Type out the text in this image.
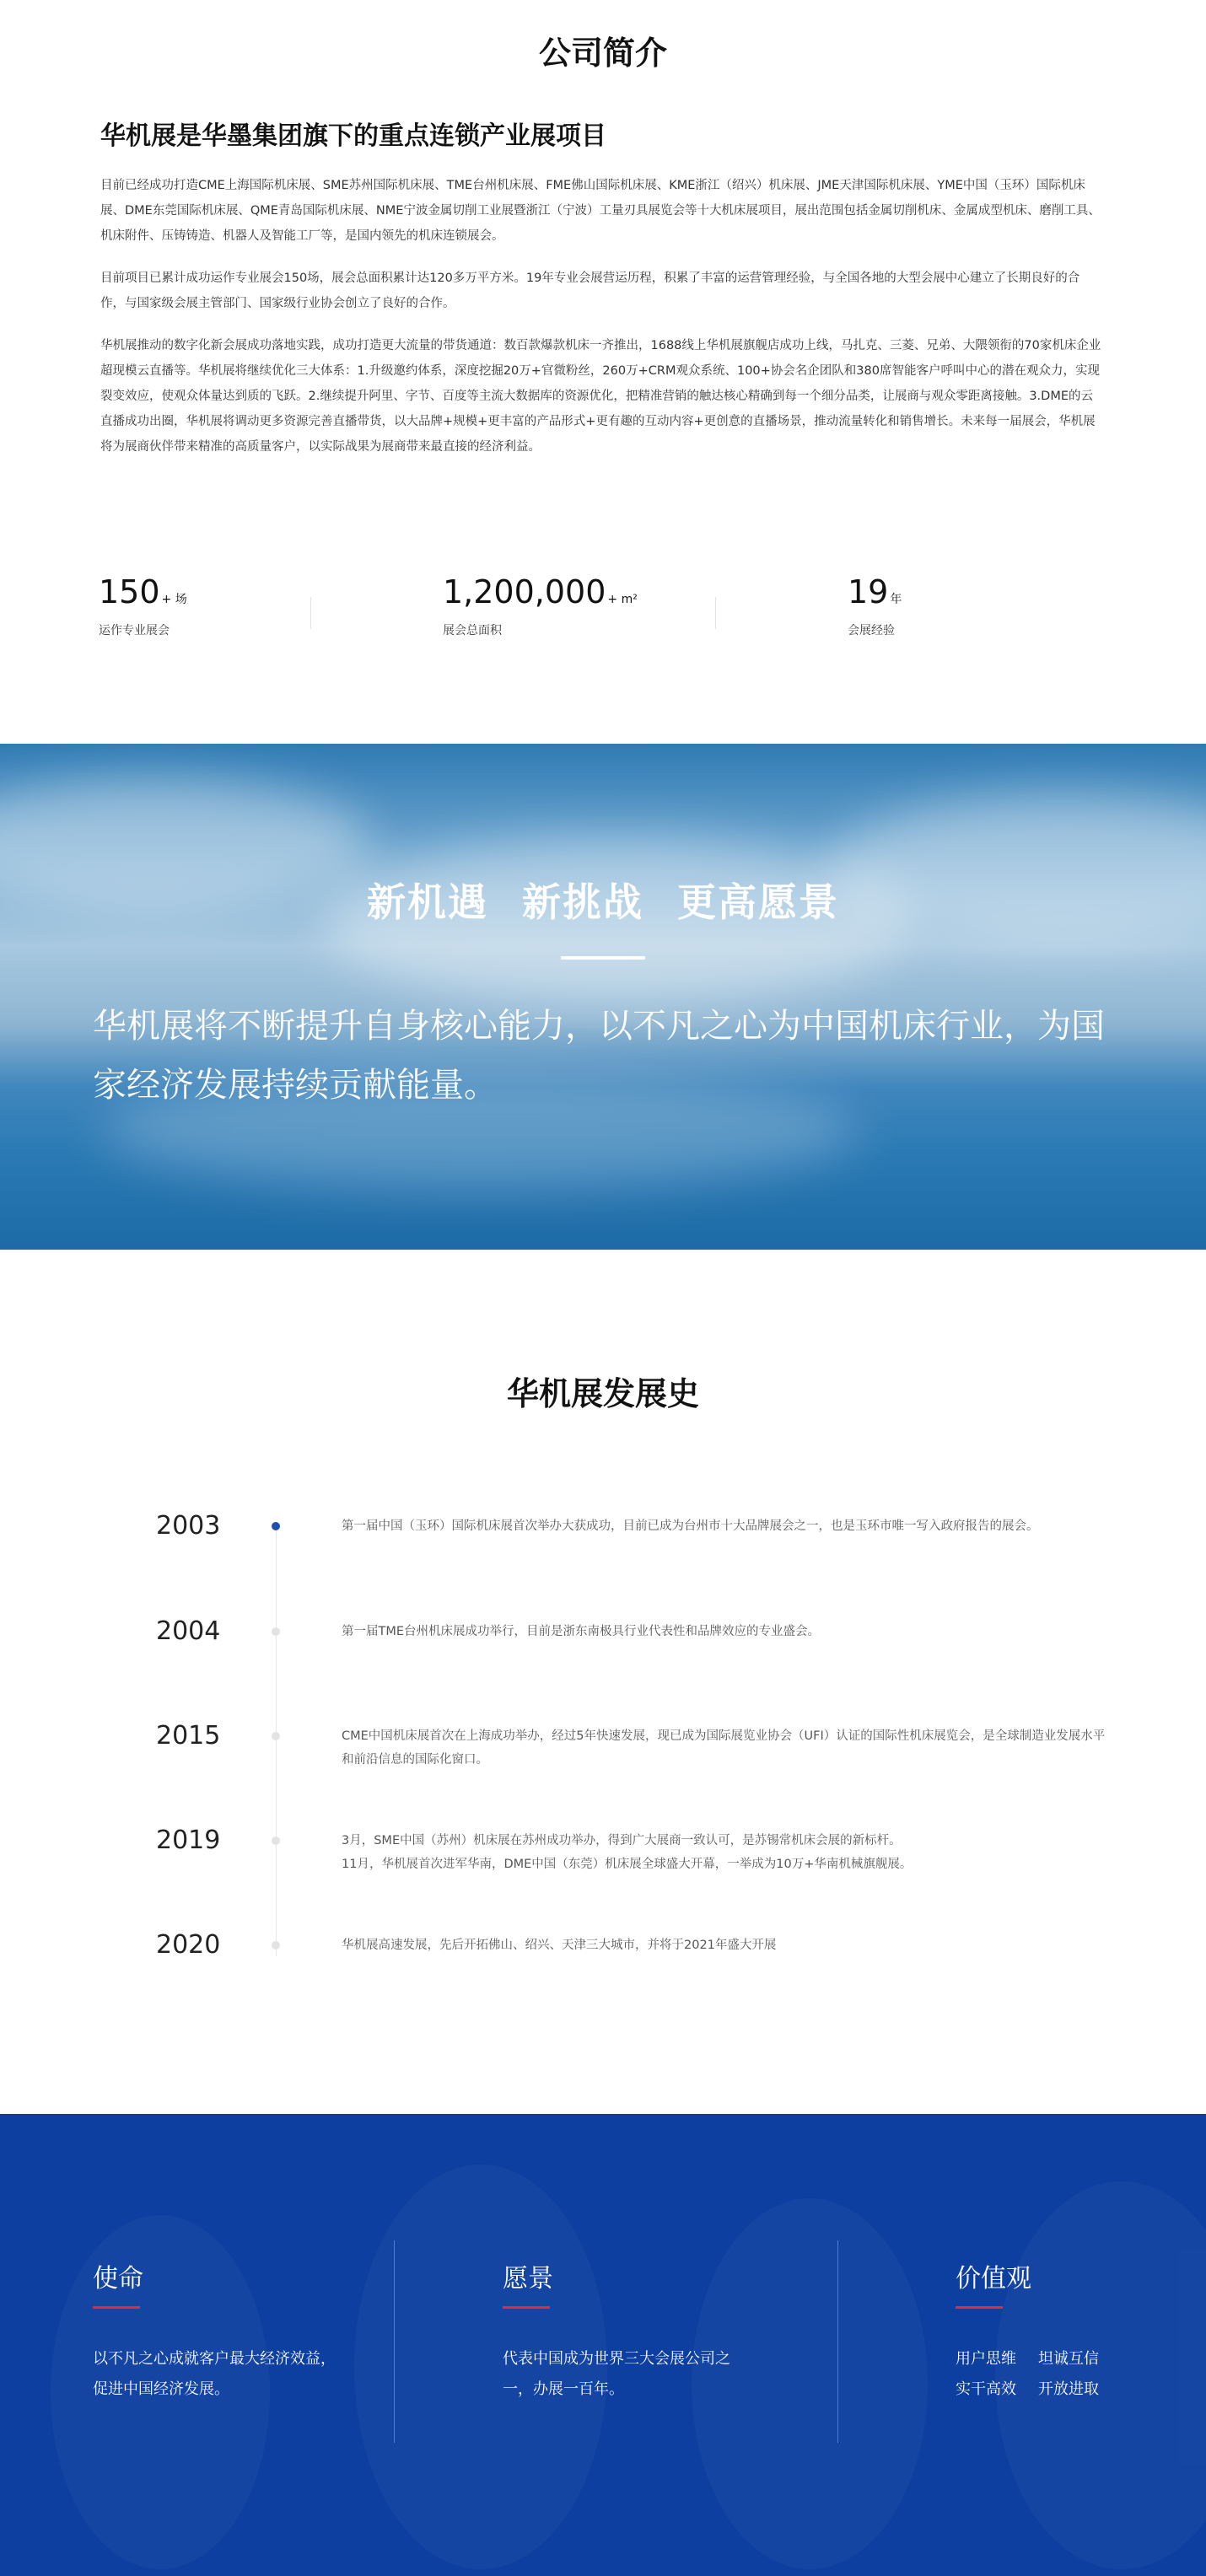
公司简介
华机展是华墨集团旗下的重点连锁产业展项目

目前已经成功打造CME上海国际机床展、SME苏州国际机床展、TME台州机床展、FME佛山国际机床展、KME浙江（绍兴）机床展、JME天津国际机床展、YME中国（玉环）国际机床展、DME东莞国际机床展、QME青岛国际机床展、NME宁波金属切削工业展暨浙江（宁波）工量刃具展览会等十大机床展项目，展出范围包括金属切削机床、金属成型机床、磨削工具、机床附件、压铸铸造、机器人及智能工厂等，是国内领先的机床连锁展会。

目前项目已累计成功运作专业展会150场，展会总面积累计达120多万平方米。19年专业会展营运历程，积累了丰富的运营管理经验，与全国各地的大型会展中心建立了长期良好的合作，与国家级会展主管部门、国家级行业协会创立了良好的合作。

华机展推动的数字化新会展成功落地实践，成功打造更大流量的带货通道：数百款爆款机床一齐推出，1688线上华机展旗舰店成功上线，马扎克、三菱、兄弟、大隈领衔的70家机床企业超现模云直播等。华机展将继续优化三大体系：1.升级邀约体系，深度挖掘20万+官微粉丝，260万+CRM观众系统、100+协会名企团队和380席智能客户呼叫中心的潜在观众力，实现裂变效应，使观众体量达到质的飞跃。2.继续提升阿里、字节、百度等主流大数据库的资源优化，把精准营销的触达核心精确到每一个细分品类，让展商与观众零距离接触。3.DME的云直播成功出圈，华机展将调动更多资源完善直播带货，以大品牌+规模+更丰富的产品形式+更有趣的互动内容+更创意的直播场景，推动流量转化和销售增长。未来每一届展会，华机展将为展商伙伴带来精准的高质量客户，以实际战果为展商带来最直接的经济利益。

150 + 场
运作专业展会
1,200,000 + m²
展会总面积
19 年
会展经验
新机遇 新挑战 更高愿景

华机展将不断提升自身核心能力，以不凡之心为中国机床行业，为国家经济发展持续贡献能量。

华机展发展史
2003	第一届中国（玉环）国际机床展首次举办大获成功，目前已成为台州市十大品牌展会之一，也是玉环市唯一写入政府报告的展会。
2004	第一届TME台州机床展成功举行，目前是浙东南极具行业代表性和品牌效应的专业盛会。
2015	CME中国机床展首次在上海成功举办，经过5年快速发展，现已成为国际展览业协会（UFI）认证的国际性机床展览会，是全球制造业发展水平和前沿信息的国际化窗口。
2019	3月，SME中国（苏州）机床展在苏州成功举办，得到广大展商一致认可，是苏锡常机床会展的新标杆。
11月，华机展首次进军华南，DME中国（东莞）机床展全球盛大开幕，一举成为10万+华南机械旗舰展。
2020	华机展高速发展，先后开拓佛山、绍兴、天津三大城市，并将于2021年盛大开展
使命

以不凡之心成就客户最大经济效益，促进中国经济发展。

愿景

代表中国成为世界三大会展公司之一，办展一百年。

价值观
用户思维 坦诚互信
实干高效 开放进取
